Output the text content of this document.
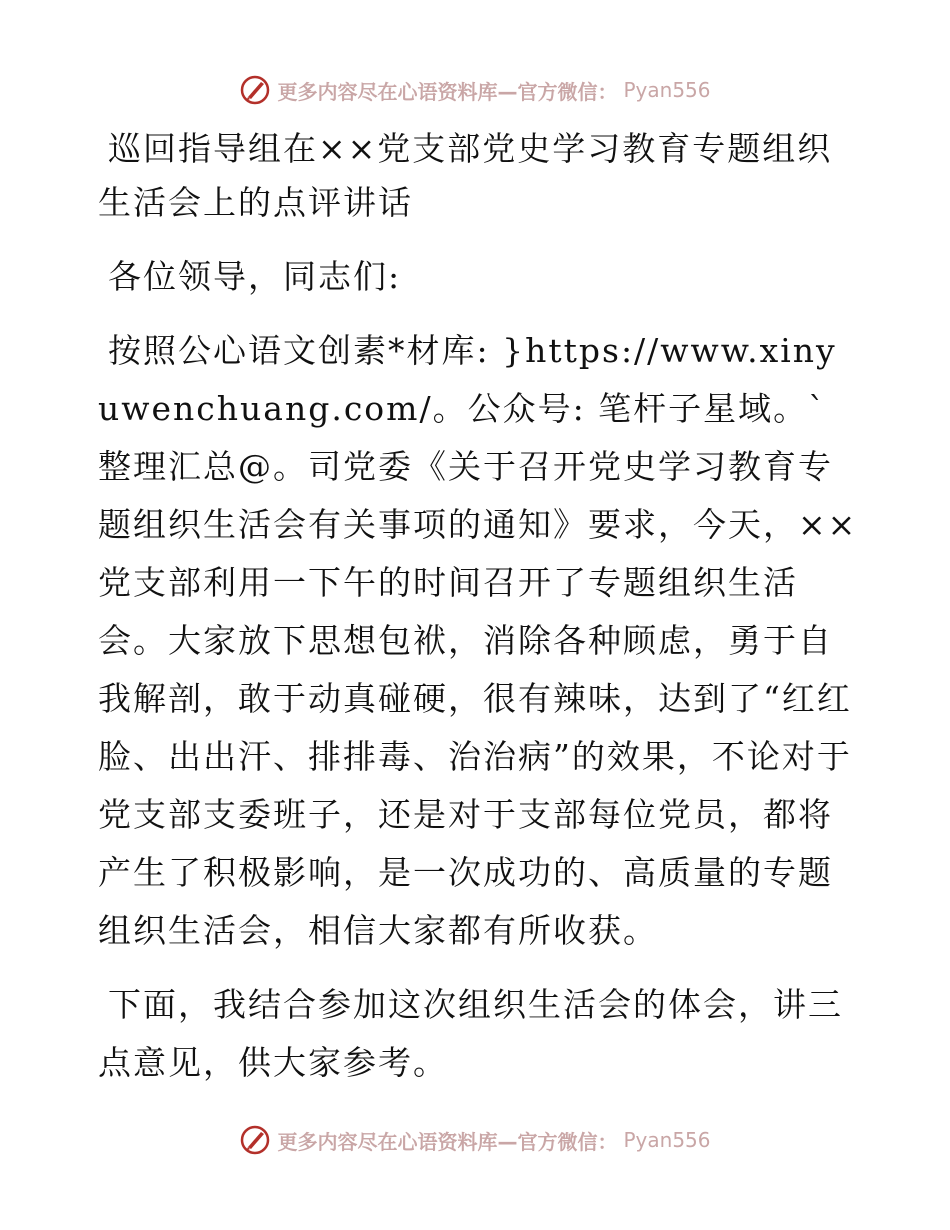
更多内容尽在心语资料库—官方微信： Pyan556
巡回指导组在××党支部党史学习教育专题组织生活会上的点评讲话

各位领导，同志们:

按照公心语文创素*材库: }https://www.xinyuwenchuang.com/。公众号: 笔杆子星域。`整理汇总@。司党委《关于召开党史学习教育专题组织生活会有关事项的通知》要求，今天，××党支部利用一下午的时间召开了专题组织生活会。大家放下思想包袱，消除各种顾虑，勇于自我解剖，敢于动真碰硬，很有辣味，达到了“红红脸、出出汗、排排毒、治治病”的效果，不论对于党支部支委班子，还是对于支部每位党员，都将产生了积极影响，是一次成功的、高质量的专题组织生活会，相信大家都有所收获。

下面，我结合参加这次组织生活会的体会，讲三点意见，供大家参考。

更多内容尽在心语资料库—官方微信： Pyan556
